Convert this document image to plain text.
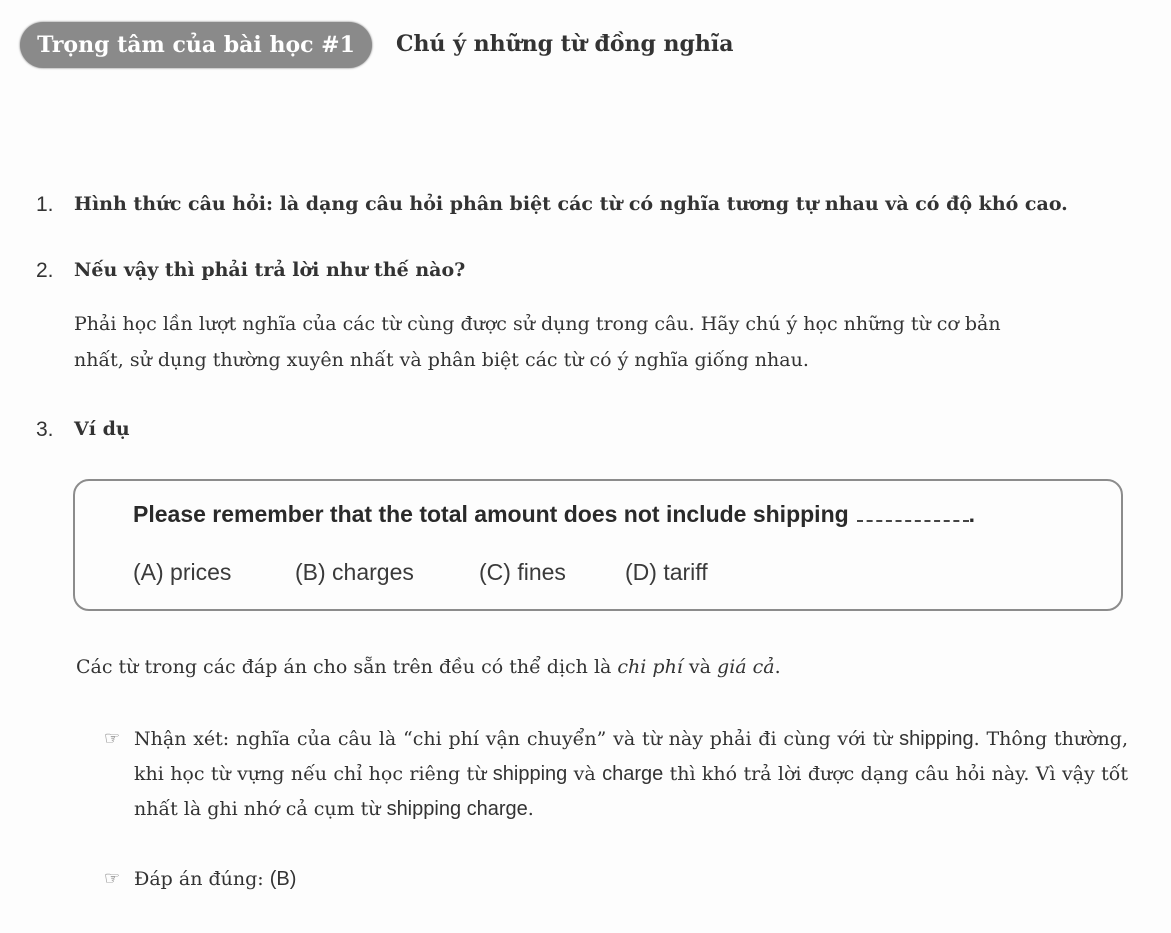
Trọng tâm của bài học #1	Chú ý những từ đồng nghĩa
1. Hình thức câu hỏi: là dạng câu hỏi phân biệt các từ có nghĩa tương tự nhau và có độ khó cao.
2. Nếu vậy thì phải trả lời như thế nào?
Phải học lần lượt nghĩa của các từ cùng được sử dụng trong câu. Hãy chú ý học những từ cơ bản
nhất, sử dụng thường xuyên nhất và phân biệt các từ có ý nghĩa giống nhau.
3. Ví dụ
Please remember that the total amount does not include shipping	.
(A) prices	(B) charges	(C) fines	(D) tariff
Các từ trong các đáp án cho sẵn trên đều có thể dịch là chi phí và giá cả.
☞ Nhận xét: nghĩa của câu là “chi phí vận chuyển” và từ này phải đi cùng với từ shipping. Thông thường, khi học từ vựng nếu chỉ học riêng từ shipping và charge thì khó trả lời được dạng câu hỏi này. Vì vậy tốt nhất là ghi nhớ cả cụm từ shipping charge.
☞ Đáp án đúng: (B)
